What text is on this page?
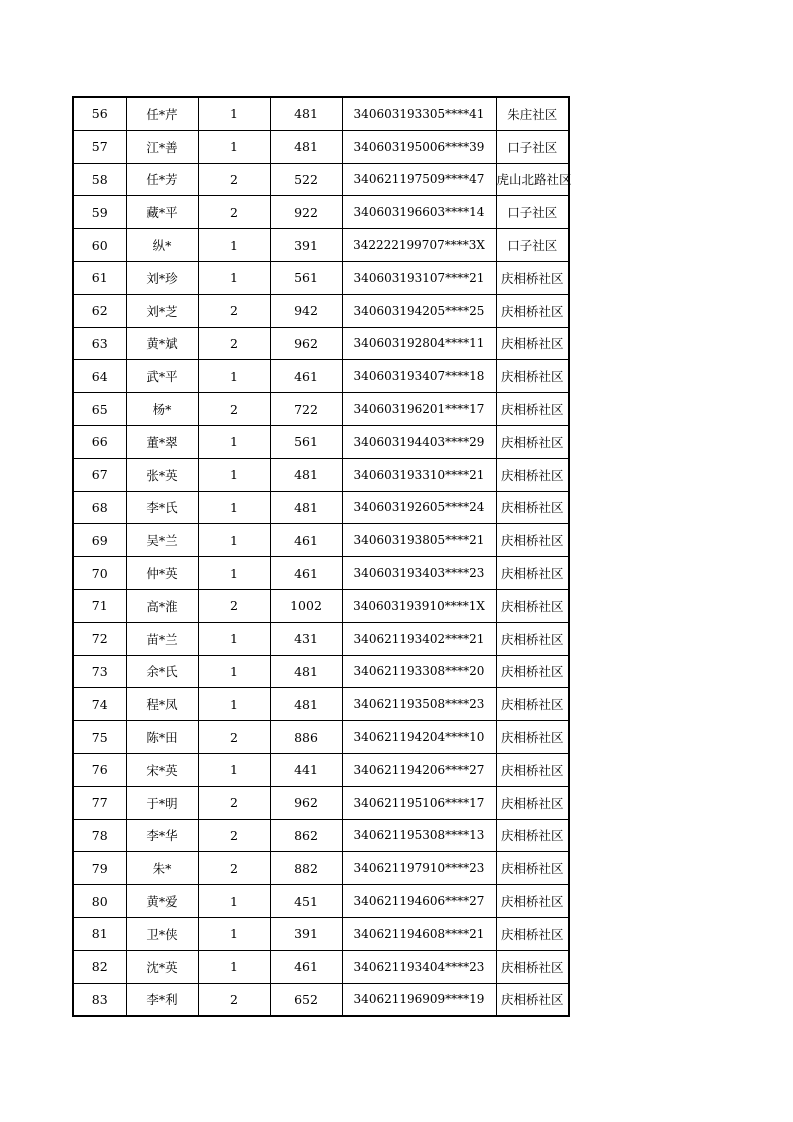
56	任*芹	1	481	340603193305****41	朱庄社区
57	江*善	1	481	340603195006****39	口子社区
58	任*芳	2	522	340621197509****47	虎山北路社区
59	藏*平	2	922	340603196603****14	口子社区
60	纵*	1	391	342222199707****3X	口子社区
61	刘*珍	1	561	340603193107****21	庆相桥社区
62	刘*芝	2	942	340603194205****25	庆相桥社区
63	黄*斌	2	962	340603192804****11	庆相桥社区
64	武*平	1	461	340603193407****18	庆相桥社区
65	杨*	2	722	340603196201****17	庆相桥社区
66	董*翠	1	561	340603194403****29	庆相桥社区
67	张*英	1	481	340603193310****21	庆相桥社区
68	李*氏	1	481	340603192605****24	庆相桥社区
69	吴*兰	1	461	340603193805****21	庆相桥社区
70	仲*英	1	461	340603193403****23	庆相桥社区
71	高*淮	2	1002	340603193910****1X	庆相桥社区
72	苗*兰	1	431	340621193402****21	庆相桥社区
73	余*氏	1	481	340621193308****20	庆相桥社区
74	程*凤	1	481	340621193508****23	庆相桥社区
75	陈*田	2	886	340621194204****10	庆相桥社区
76	宋*英	1	441	340621194206****27	庆相桥社区
77	于*明	2	962	340621195106****17	庆相桥社区
78	李*华	2	862	340621195308****13	庆相桥社区
79	朱*	2	882	340621197910****23	庆相桥社区
80	黄*爱	1	451	340621194606****27	庆相桥社区
81	卫*侠	1	391	340621194608****21	庆相桥社区
82	沈*英	1	461	340621193404****23	庆相桥社区
83	李*利	2	652	340621196909****19	庆相桥社区
